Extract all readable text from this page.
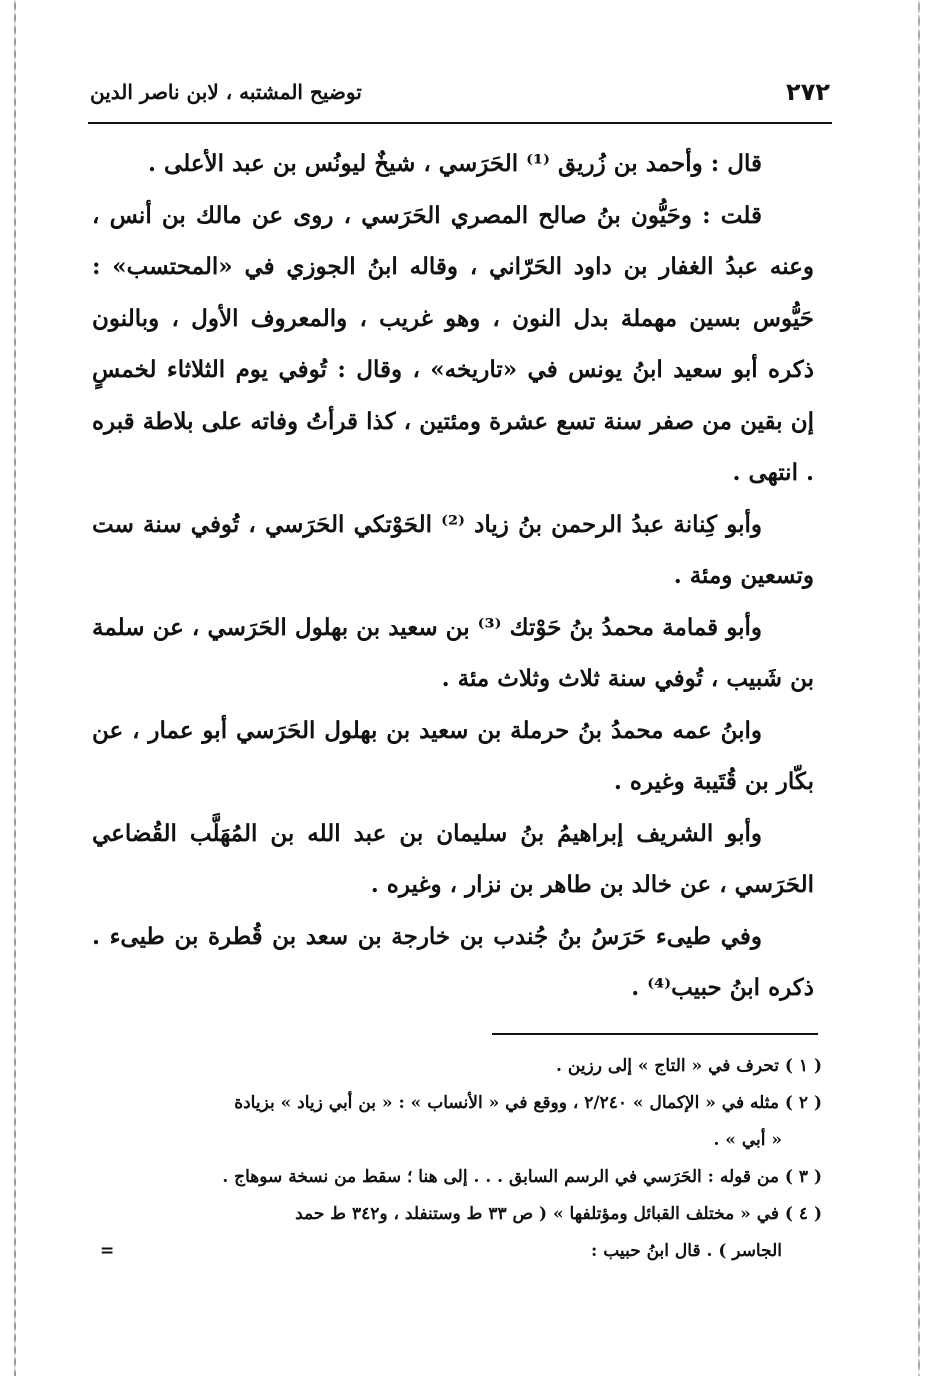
٢٧٢
توضيح المشتبه ، لابن ناصر الدين

قال : وأحمد بن زُريق ⁽¹⁾ الحَرَسي ، شيخٌ ليونُس بن عبد الأعلى .

قلت : وحَيُّون بنُ صالح المصري الحَرَسي ، روى عن مالك بن أنس ، وعنه عبدُ الغفار بن داود الحَرّاني ، وقاله ابنُ الجوزي في «المحتسب» : حَيُّوس بسين مهملة بدل النون ، وهو غريب ، والمعروف الأول ، وبالنون ذكره أبو سعيد ابنُ يونس في «تاريخه» ، وقال : تُوفي يوم الثلاثاء لخمسٍ إن بقين من صفر سنة تسع عشرة ومئتين ، كذا قرأتُ وفاته على بلاطة قبره . انتهى .

وأبو كِنانة عبدُ الرحمن بنُ زياد ⁽²⁾ الحَوْتكي الحَرَسي ، تُوفي سنة ست وتسعين ومئة .

وأبو قمامة محمدُ بنُ حَوْتك ⁽³⁾ بن سعيد بن بهلول الحَرَسي ، عن سلمة بن شَبيب ، تُوفي سنة ثلاث وثلاث مئة .

وابنُ عمه محمدُ بنُ حرملة بن سعيد بن بهلول الحَرَسي أبو عمار ، عن بكّار بن قُتَيبة وغيره .

وأبو الشريف إبراهيمُ بنُ سليمان بن عبد الله بن المُهَلَّب القُضاعي الحَرَسي ، عن خالد بن طاهر بن نزار ، وغيره .

وفي طيىء حَرَسُ بنُ جُندب بن خارجة بن سعد بن قُطرة بن طيىء . ذكره ابنُ حبيب⁽⁴⁾ .

( ١ ) تحرف في « التاج » إلى رزين .

( ٢ ) مثله في « الإكمال » ٢/٢٤٠ ، ووقع في « الأنساب » : « بن أبي زياد » بزيادة

« أبي » .

( ٣ ) من قوله : الحَرَسي في الرسم السابق . . . إلى هنا ؛ سقط من نسخة سوهاج .

( ٤ ) في « مختلف القبائل ومؤتلفها » ( ص ٣٣ ط وستنفلد ، و٣٤٢ ط حمد

الجاسر ) . قال ابنُ حبيب :
=
